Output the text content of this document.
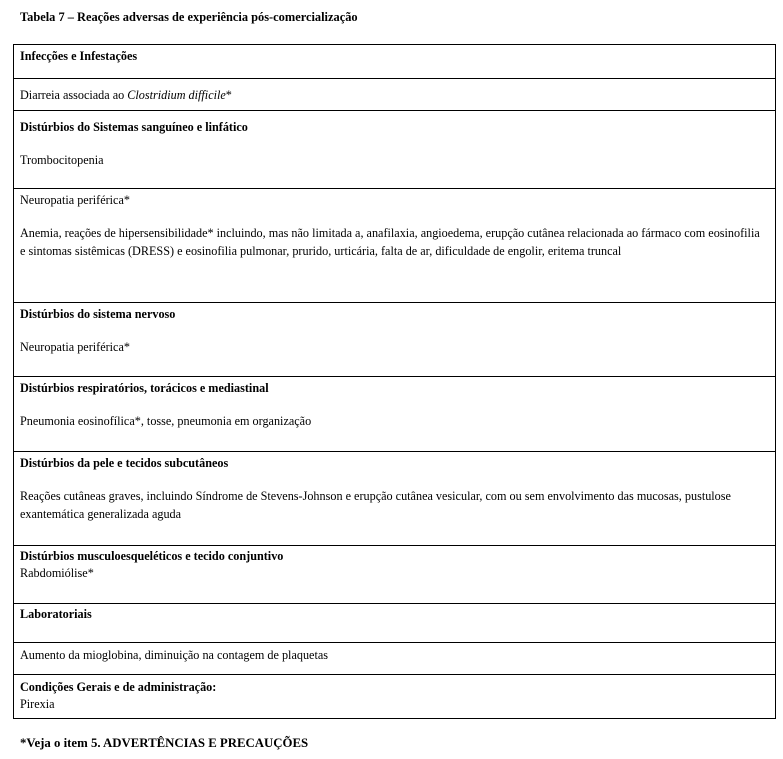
Tabela 7 – Reações adversas de experiência pós-comercialização

Infecções e Infestações

Diarreia associada ao Clostridium difficile*

Distúrbios do Sistemas sanguíneo e linfático

Trombocitopenia

Neuropatia periférica*

Anemia, reações de hipersensibilidade* incluindo, mas não limitada a, anafilaxia, angioedema, erupção cutânea relacionada ao fármaco com eosinofilia e sintomas sistêmicas (DRESS) e eosinofilia pulmonar, prurido, urticária, falta de ar, dificuldade de engolir, eritema truncal

Distúrbios do sistema nervoso

Neuropatia periférica*

Distúrbios respiratórios, torácicos e mediastinal

Pneumonia eosinofílica*, tosse, pneumonia em organização

Distúrbios da pele e tecidos subcutâneos

Reações cutâneas graves, incluindo Síndrome de Stevens-Johnson e erupção cutânea vesicular, com ou sem envolvimento das mucosas, pustulose exantemática generalizada aguda

Distúrbios musculoesqueléticos e tecido conjuntivo

Rabdomiólise*

Laboratoriais

Aumento da mioglobina, diminuição na contagem de plaquetas

Condições Gerais e de administração:

Pirexia

*Veja o item 5. ADVERTÊNCIAS E PRECAUÇÕES
